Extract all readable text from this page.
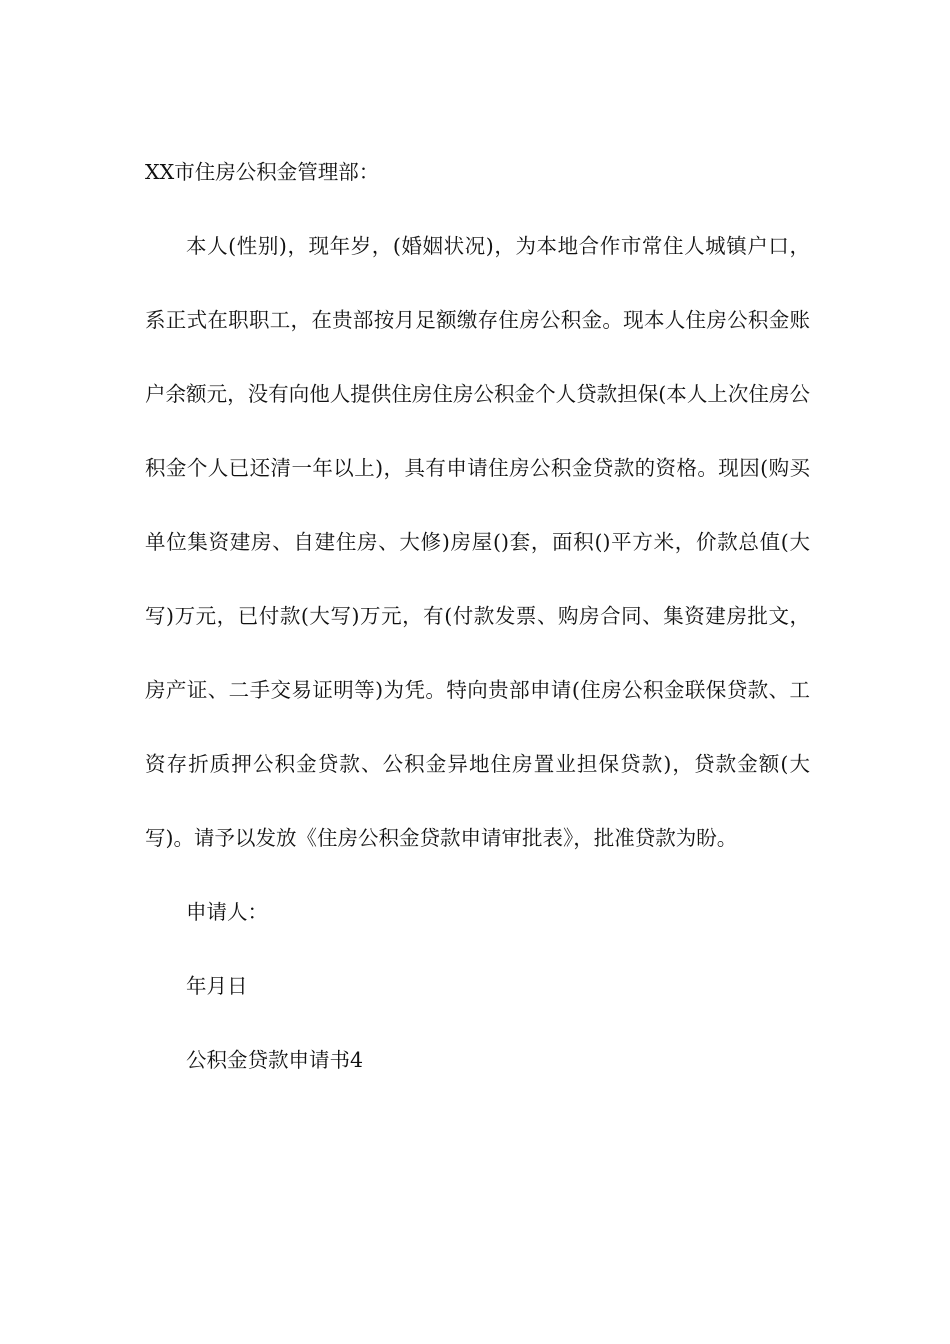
XX市住房公积金管理部：

本人(性别)，现年岁，(婚姻状况)，为本地合作市常住人城镇户口，系正式在职职工，在贵部按月足额缴存住房公积金。现本人住房公积金账户余额元，没有向他人提供住房住房公积金个人贷款担保(本人上次住房公积金个人已还清一年以上)，具有申请住房公积金贷款的资格。现因(购买单位集资建房、自建住房、大修)房屋()套，面积()平方米，价款总值(大写)万元，已付款(大写)万元，有(付款发票、购房合同、集资建房批文，房产证、二手交易证明等)为凭。特向贵部申请(住房公积金联保贷款、工资存折质押公积金贷款、公积金异地住房置业担保贷款)，贷款金额(大写)。请予以发放《住房公积金贷款申请审批表》，批准贷款为盼。

申请人：

年月日

公积金贷款申请书4
